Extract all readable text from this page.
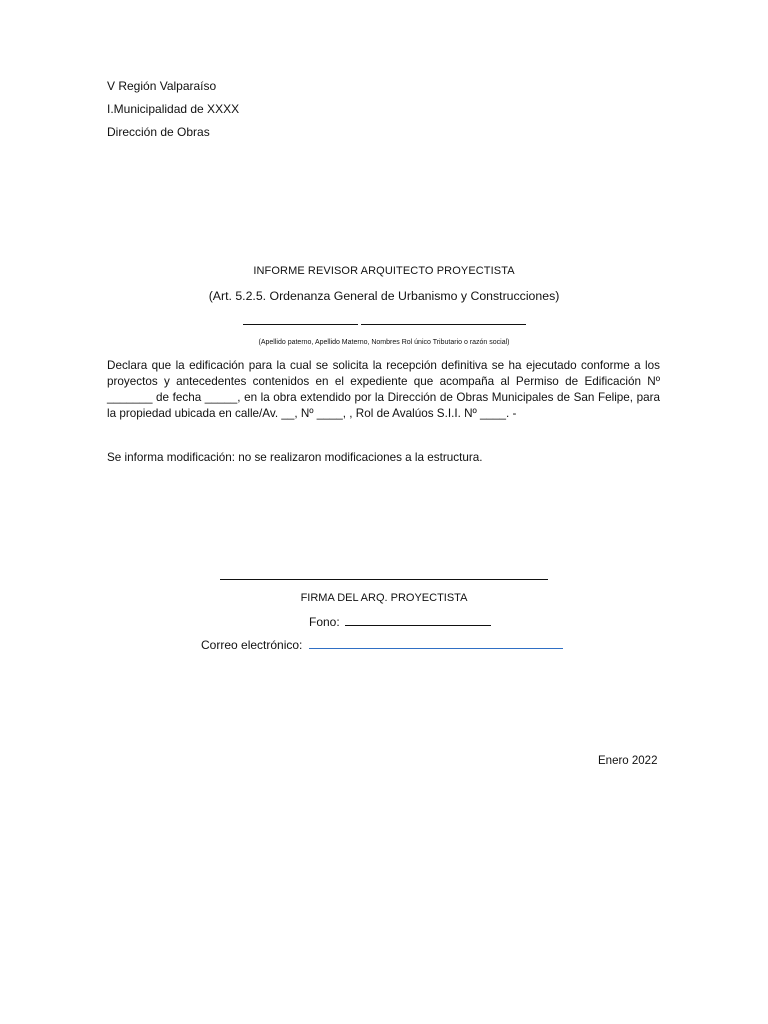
V Región Valparaíso
I.Municipalidad de XXXX
Dirección de Obras
INFORME REVISOR ARQUITECTO PROYECTISTA
(Art. 5.2.5. Ordenanza General de Urbanismo y Construcciones)
(Apellido paterno, Apellido Materno, Nombres Rol único Tributario o razón social)
Declara que la edificación para la cual se solicita la recepción definitiva se ha ejecutado conforme a los proyectos y antecedentes contenidos en el expediente que acompaña al Permiso de Edificación Nº _______ de fecha _____, en la obra extendido por la Dirección de Obras Municipales de San Felipe, para la propiedad ubicada en calle/Av. __, Nº ____, , Rol de Avalúos S.I.I. Nº ____. -
Se informa modificación: no se realizaron modificaciones a la estructura.
FIRMA DEL ARQ. PROYECTISTA
Fono:
Correo electrónico:
Enero 2022
